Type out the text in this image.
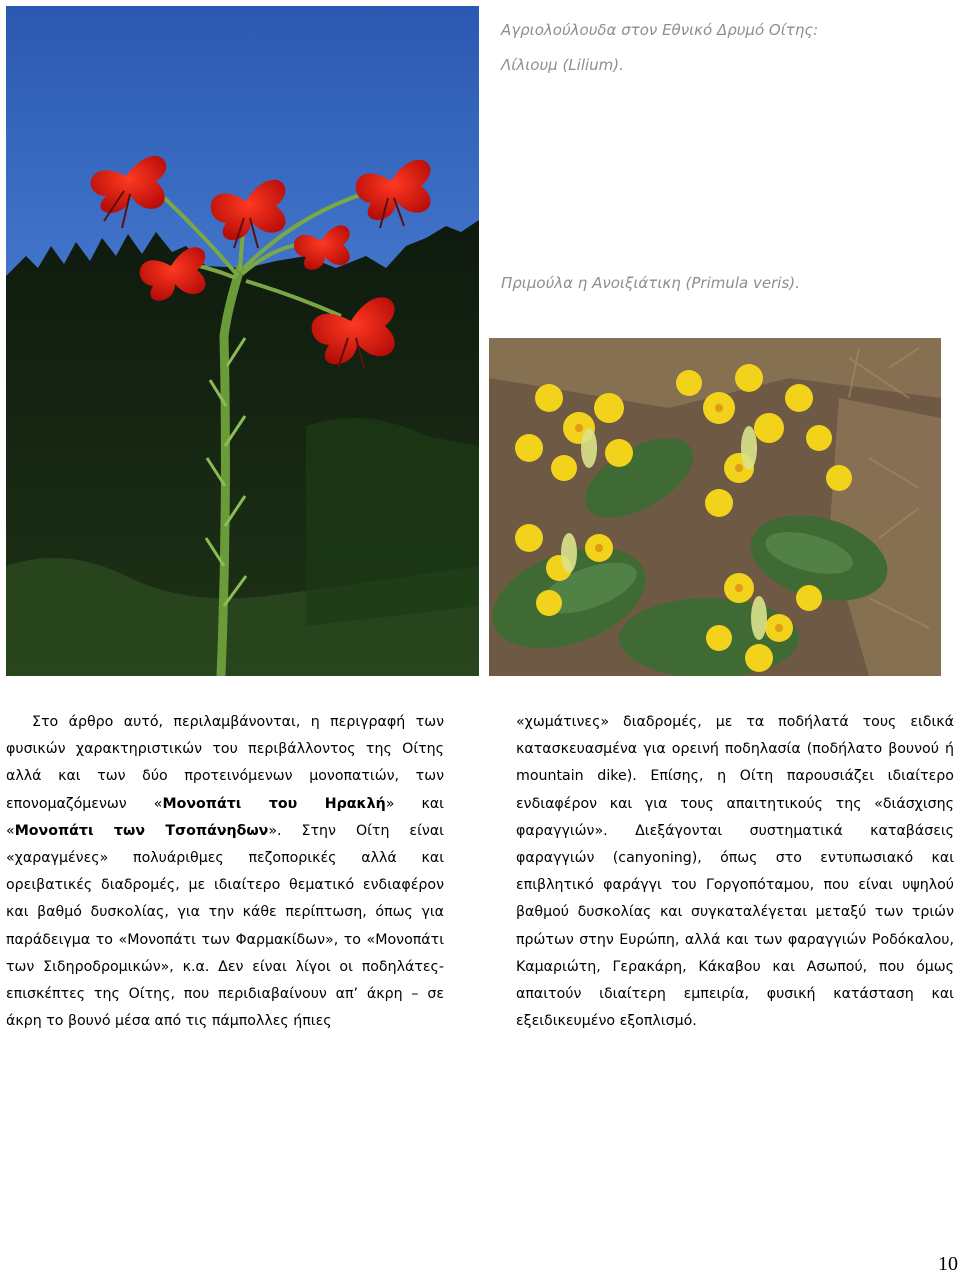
Αγριολούλουδα στον Εθνικό Δρυμό Οίτης:
Λίλιουμ (Lilium).
Πριμούλα η Ανοιξιάτικη (Primula veris).

Στο άρθρο αυτό, περιλαμβάνονται, η περιγραφή των φυσικών χαρακτηριστικών του περιβάλλοντος της Οίτης αλλά και των δύο προτεινόμενων μονοπατιών, των επονομαζόμενων «Μονοπάτι του Ηρακλή» και «Μονοπάτι των Τσοπάνηδων». Στην Οίτη είναι «χαραγμένες» πολυάριθμες πεζοπορικές αλλά και ορειβατικές διαδρομές, με ιδιαίτερο θεματικό ενδιαφέρον και βαθμό δυσκολίας, για την κάθε περίπτωση, όπως για παράδειγμα το «Μονοπάτι των Φαρμακίδων», το «Μονοπάτι των Σιδηροδρομικών», κ.α. Δεν είναι λίγοι οι ποδηλάτες-επισκέπτες της Οίτης, που περιδιαβαίνουν απ’ άκρη – σε άκρη το βουνό μέσα από τις πάμπολλες ήπιες

«χωμάτινες» διαδρομές, με τα ποδήλατά τους ειδικά κατασκευασμένα για ορεινή ποδηλασία (ποδήλατο βουνού ή mountain dike). Επίσης, η Οίτη παρουσιάζει ιδιαίτερο ενδιαφέρον και για τους απαιτητικούς της «διάσχισης φαραγγιών». Διεξάγονται συστηματικά καταβάσεις φαραγγιών (canyoning), όπως στο εντυπωσιακό και επιβλητικό φαράγγι του Γοργοπόταμου, που είναι υψηλού βαθμού δυσκολίας και συγκαταλέγεται μεταξύ των τριών πρώτων στην Ευρώπη, αλλά και των φαραγγιών Ροδόκαλου, Καμαριώτη, Γερακάρη, Κάκαβου και Ασωπού, που όμως απαιτούν ιδιαίτερη εμπειρία, φυσική κατάσταση και εξειδικευμένο εξοπλισμό.

10
